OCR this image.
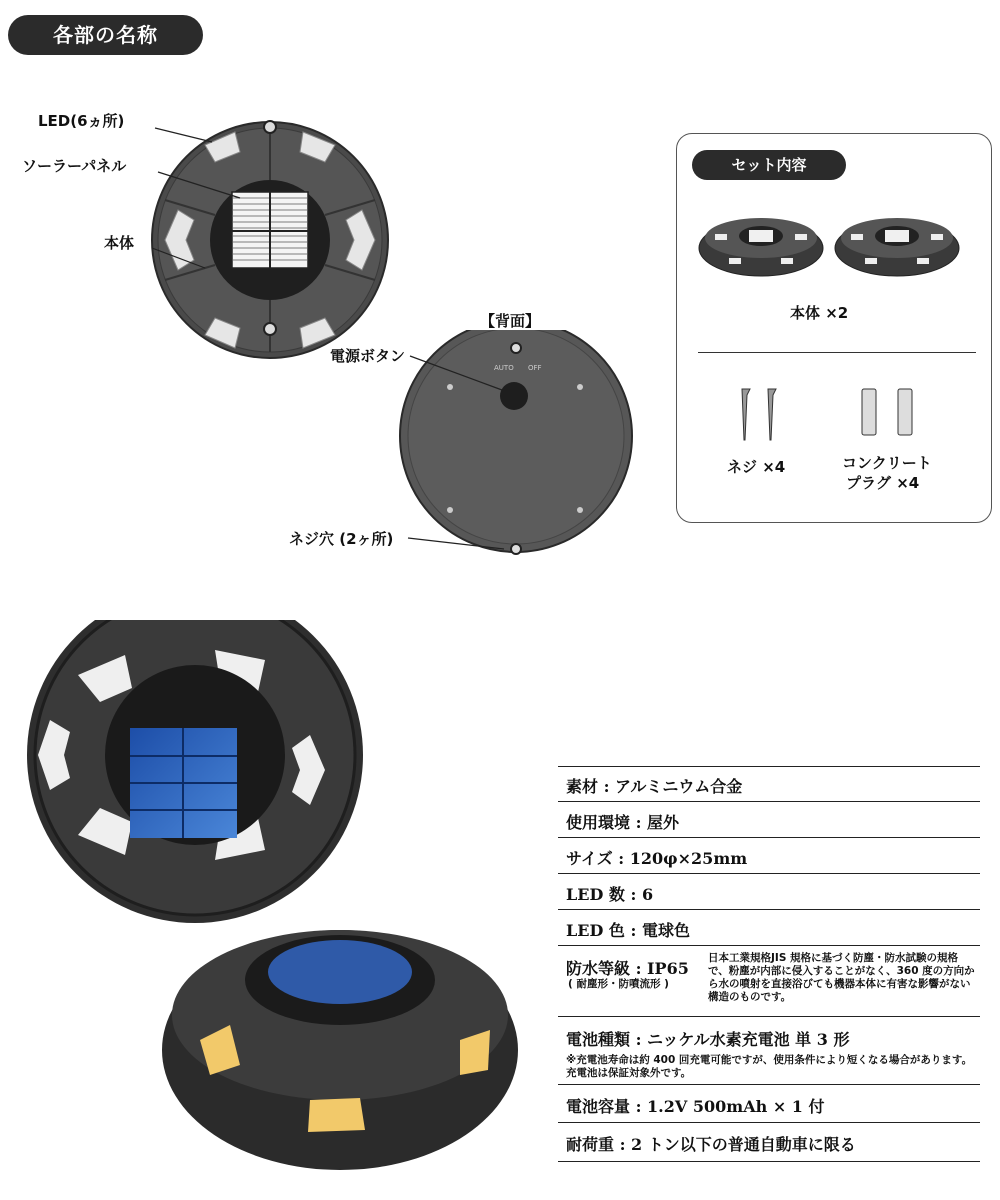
各部の名称
LED(6ヵ所)
ソーラーパネル
本体
【背面】
電源ボタン
ネジ穴 (2ヶ所)
AUTO OFF
セット内容
本体 ×2
ネジ ×4	コンクリート
プラグ ×4
素材 : アルミニウム合金
使用環境 : 屋外
サイズ : 120φ×25mm
LED 数 : 6
LED 色 : 電球色
防水等級 : IP65
( 耐塵形・防噴流形 )
日本工業規格JIS 規格に基づく防塵・防水試験の規格で、粉塵が内部に侵入することがなく、360 度の方向から水の噴射を直接浴びても機器本体に有害な影響がない構造のものです。
電池種類 : ニッケル水素充電池 単 3 形
※充電池寿命は約 400 回充電可能ですが、使用条件により短くなる場合があります。充電池は保証対象外です。
電池容量 : 1.2V 500mAh × 1 付
耐荷重 : 2 トン以下の普通自動車に限る
